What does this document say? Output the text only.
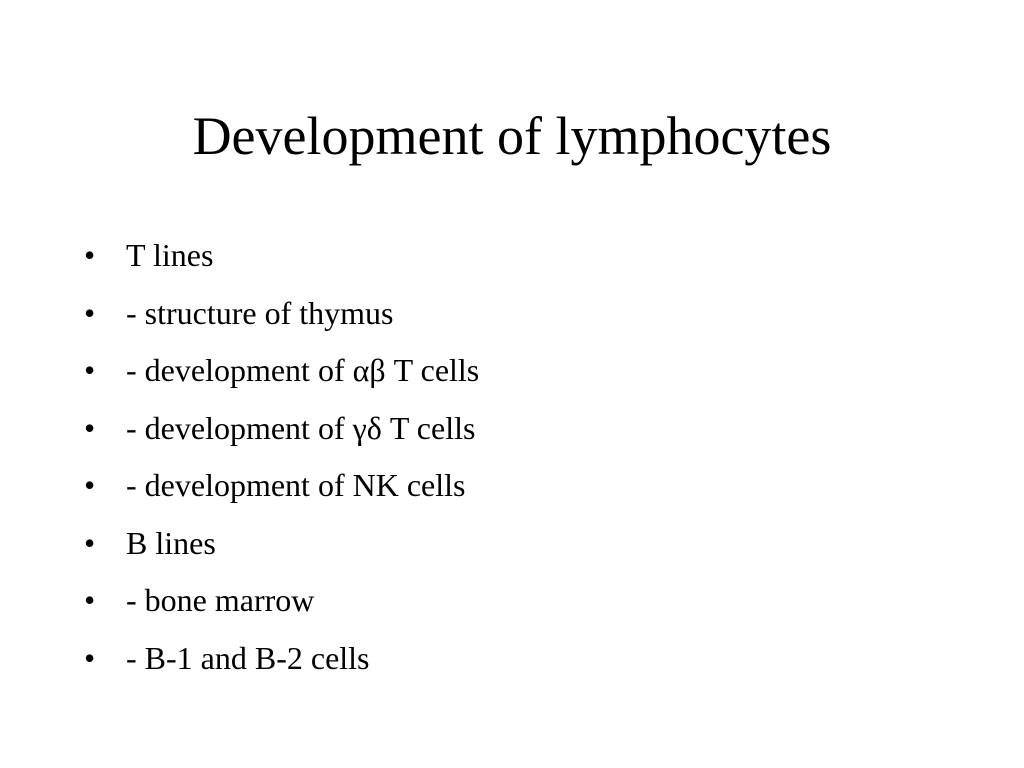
Development of lymphocytes
• T lines
• - structure of thymus
• - development of αβ T cells
• - development of γδ T cells
• - development of NK cells
• B lines
• - bone marrow
• - B-1 and B-2 cells
